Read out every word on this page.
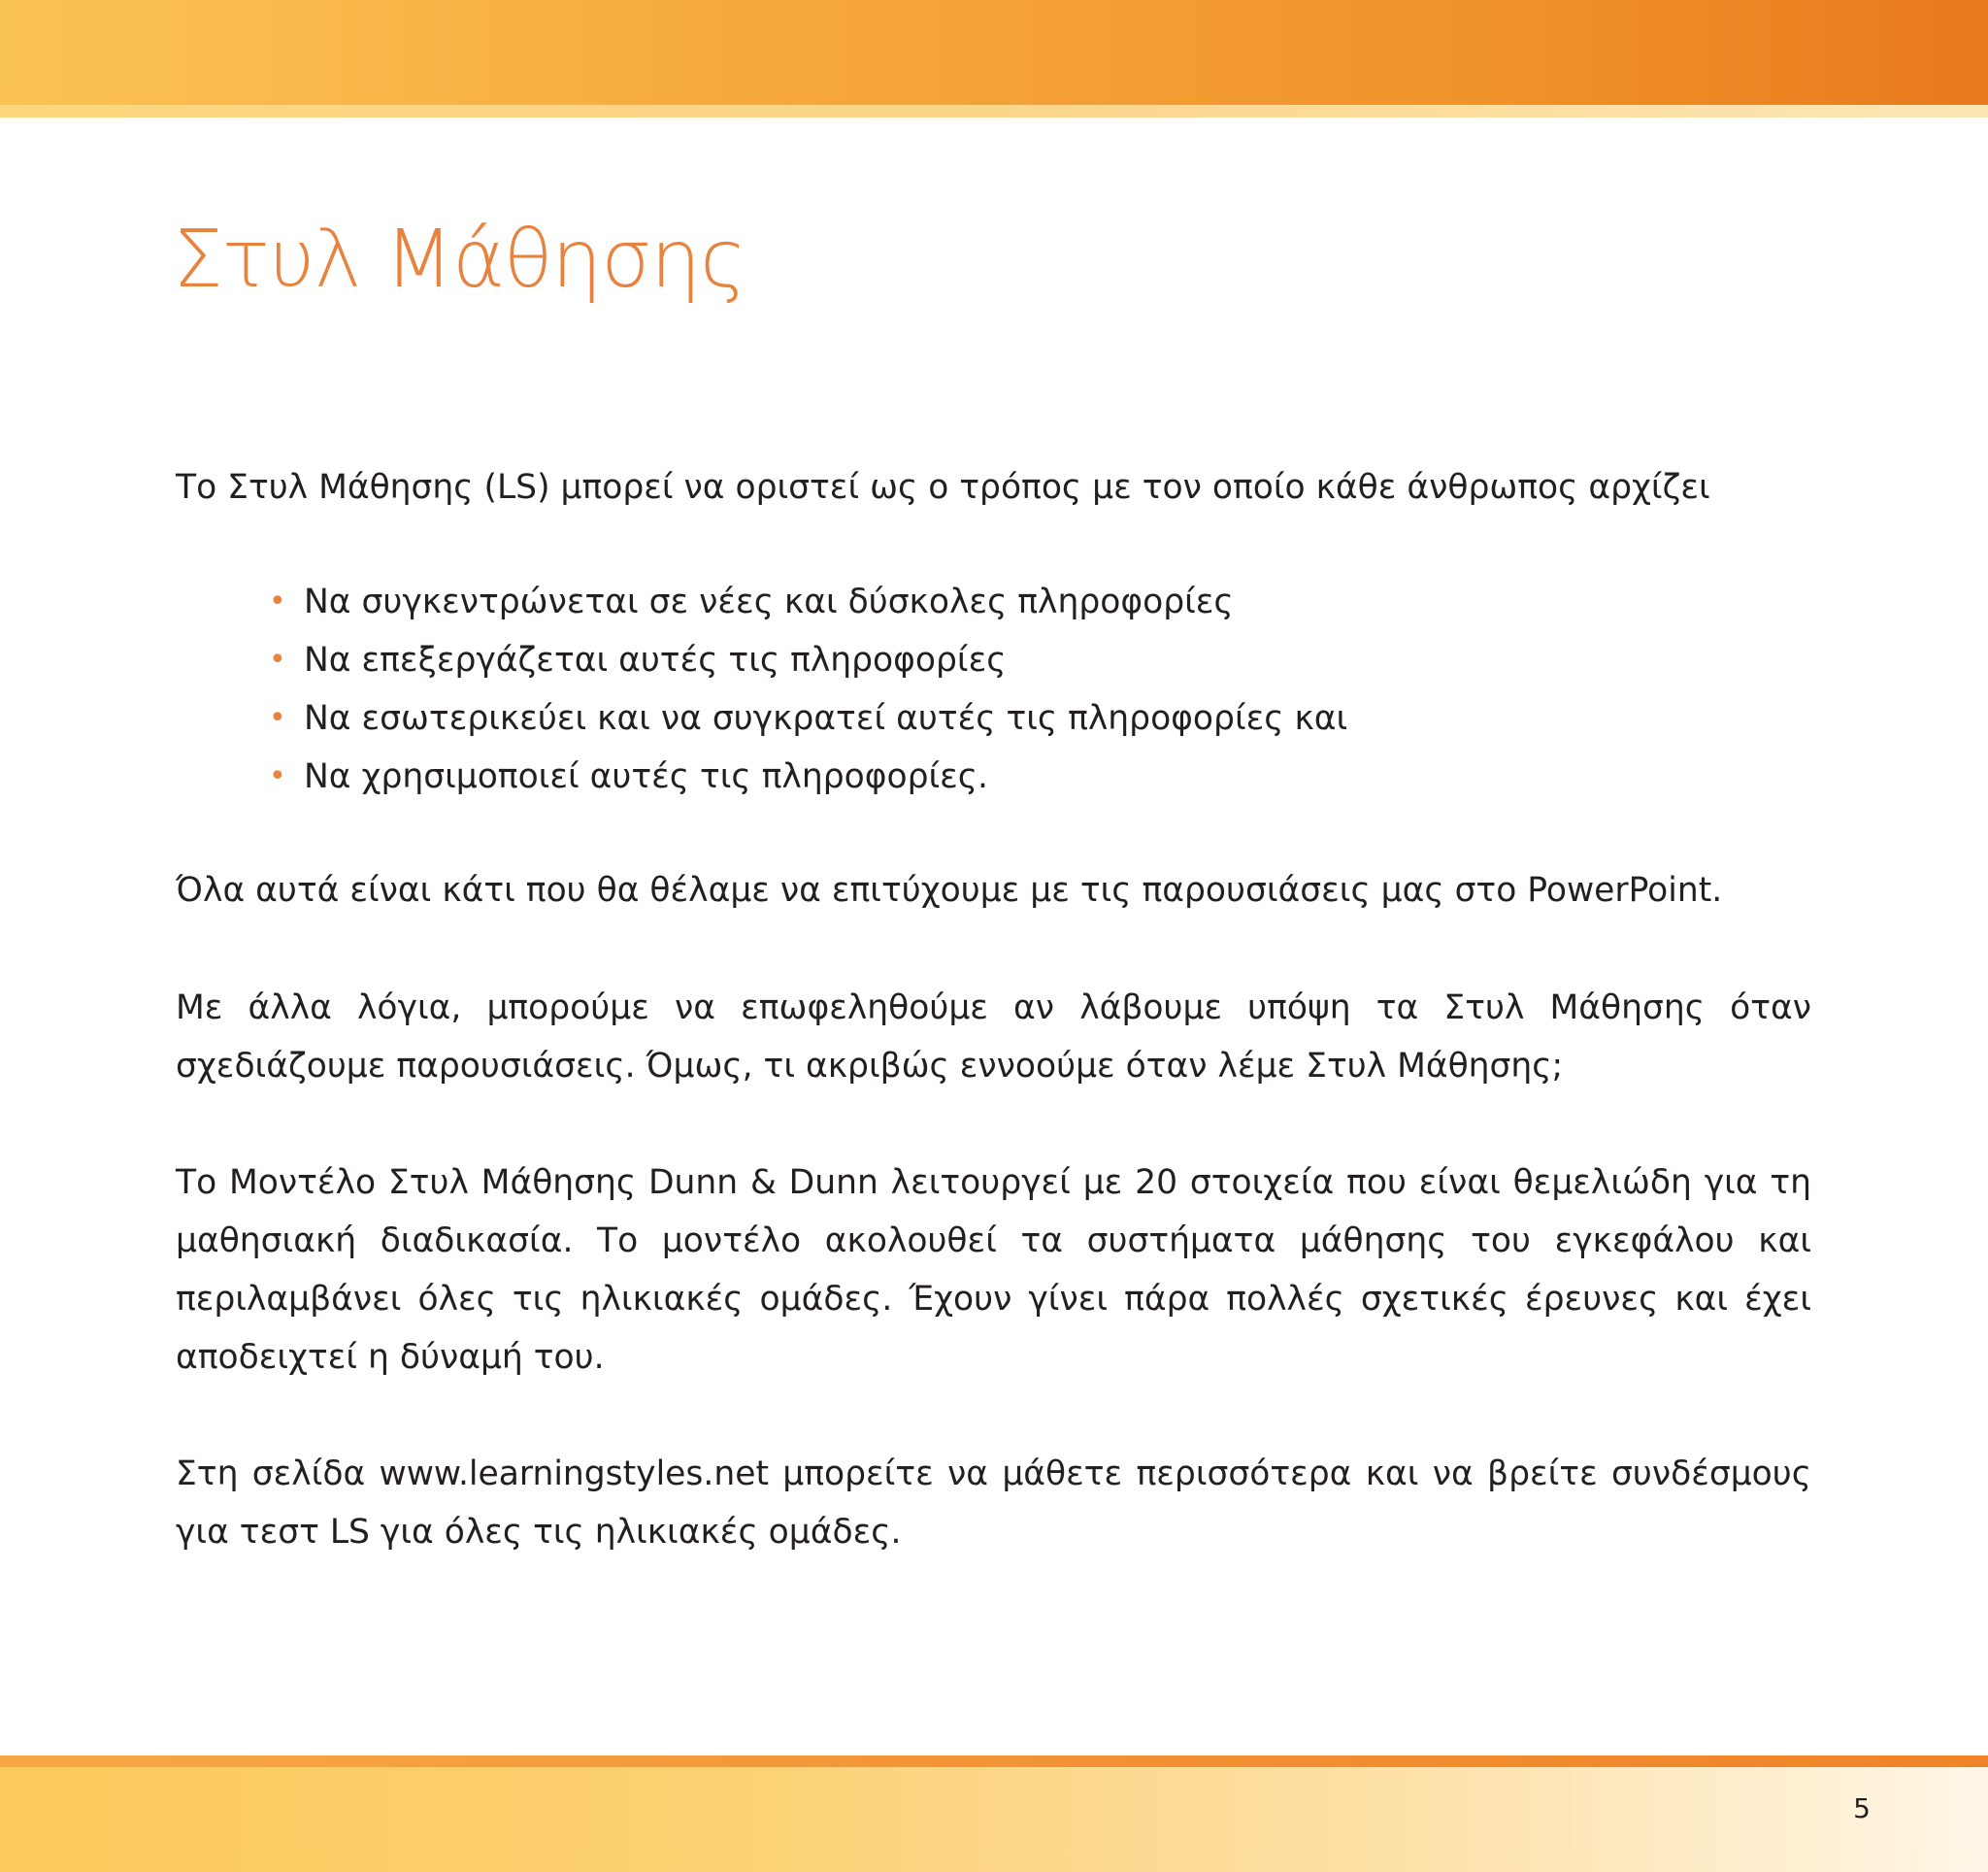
Στυλ Μάθησης

Το Στυλ Μάθησης (LS) μπορεί να οριστεί ως ο τρόπος με τον οποίο κάθε άνθρωπος αρχίζει

• Να συγκεντρώνεται σε νέες και δύσκολες πληροφορίες
• Να επεξεργάζεται αυτές τις πληροφορίες
• Να εσωτερικεύει και να συγκρατεί αυτές τις πληροφορίες και
• Να χρησιμοποιεί αυτές τις πληροφορίες.

Όλα αυτά είναι κάτι που θα θέλαμε να επιτύχουμε με τις παρουσιάσεις μας στο PowerPoint.

Με άλλα λόγια, μπορούμε να επωφεληθούμε αν λάβουμε υπόψη τα Στυλ Μάθησης όταν σχεδιάζουμε παρουσιάσεις. Όμως, τι ακριβώς εννοούμε όταν λέμε Στυλ Μάθησης;

Το Μοντέλο Στυλ Μάθησης Dunn & Dunn λειτουργεί με 20 στοιχεία που είναι θεμελιώδη για τη μαθησιακή διαδικασία. Το μοντέλο ακολουθεί τα συστήματα μάθησης του εγκεφάλου και περιλαμβάνει όλες τις ηλικιακές ομάδες. Έχουν γίνει πάρα πολλές σχετικές έρευνες και έχει αποδειχτεί η δύναμή του.

Στη σελίδα www.learningstyles.net μπορείτε να μάθετε περισσότερα και να βρείτε συνδέσμους για τεστ LS για όλες τις ηλικιακές ομάδες.

5
